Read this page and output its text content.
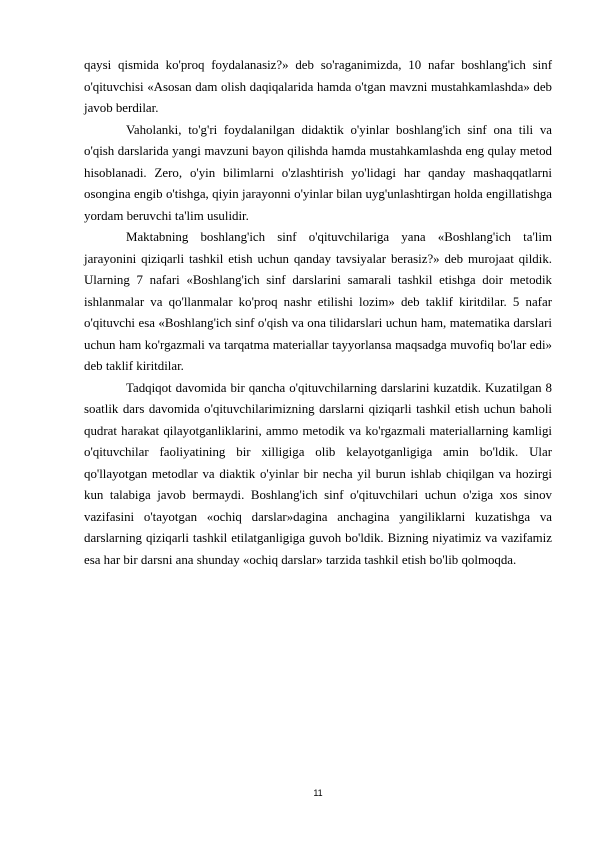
qaysi qismida ko'proq foydalanasiz?» deb so'raganimizda, 10 nafar boshlang'ich sinf o'qituvchisi «Asosan dam olish daqiqalarida hamda o'tgan mavzni mustahkamlashda» deb javob berdilar.

Vaholanki, to'g'ri foydalanilgan didaktik o'yinlar boshlang'ich sinf ona tili va o'qish darslarida yangi mavzuni bayon qilishda hamda mustahkamlashda eng qulay metod hisoblanadi. Zero, o'yin bilimlarni o'zlashtirish yo'lidagi har qanday mashaqqatlarni osongina engib o'tishga, qiyin jarayonni o'yinlar bilan uyg'unlashtirgan holda engillatishga yordam beruvchi ta'lim usulidir.

Maktabning boshlang'ich sinf o'qituvchilariga yana «Boshlang'ich ta'lim jarayonini qiziqarli tashkil etish uchun qanday tavsiyalar berasiz?» deb murojaat qildik. Ularning 7 nafari «Boshlang'ich sinf darslarini samarali tashkil etishga doir metodik ishlanmalar va qo'llanmalar ko'proq nashr etilishi lozim» deb taklif kiritdilar. 5 nafar o'qituvchi esa «Boshlang'ich sinf o'qish va ona tilidarslari uchun ham, matematika darslari uchun ham ko'rgazmali va tarqatma materiallar tayyorlansa maqsadga muvofiq bo'lar edi» deb taklif kiritdilar.

Tadqiqot davomida bir qancha o'qituvchilarning darslarini kuzatdik. Kuzatilgan 8 soatlik dars davomida o'qituvchilarimizning darslarni qiziqarli tashkil etish uchun baholi qudrat harakat qilayotganliklarini, ammo metodik va ko'rgazmali materiallarning kamligi o'qituvchilar faoliyatining bir xilligiga olib kelayotganligiga amin bo'ldik. Ular qo'llayotgan metodlar va diaktik o'yinlar bir necha yil burun ishlab chiqilgan va hozirgi kun talabiga javob bermaydi. Boshlang'ich sinf o'qituvchilari uchun o'ziga xos sinov vazifasini o'tayotgan «ochiq darslar»dagina anchagina yangiliklarni kuzatishga va darslarning qiziqarli tashkil etilatganligiga guvoh bo'ldik. Bizning niyatimiz va vazifamiz esa har bir darsni ana shunday «ochiq darslar» tarzida tashkil etish bo'lib qolmoqda.

11
